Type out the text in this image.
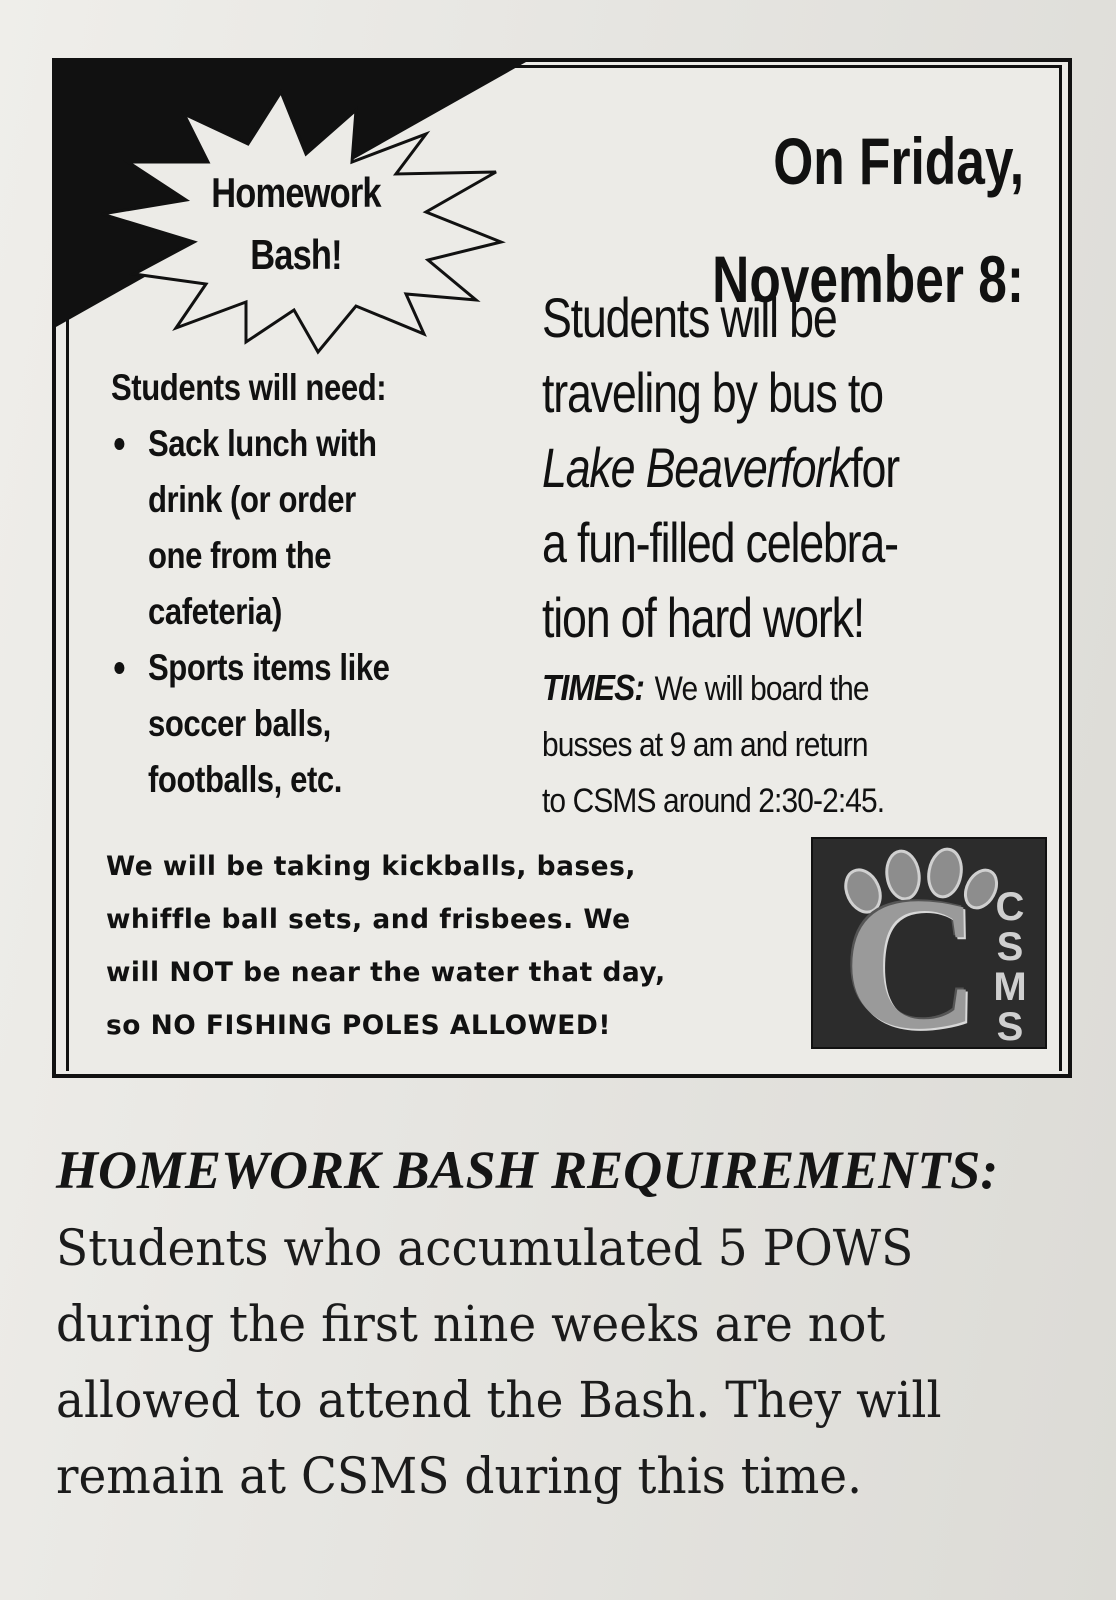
Homework
Bash!
On Friday,
November 8:
Students will be
traveling by bus to
Lake Beaverforkfor
a fun-filled celebra-
tion of hard work!
TIMES: We will board the
busses at 9 am and return
to CSMS around 2:30-2:45.
Students will need:
Sack lunch with
drink (or order
one from the
cafeteria)
Sports items like
soccer balls,
footballs, etc.
We will be taking kickballs, bases,
whiffle ball sets, and frisbees. We
will NOT be near the water that day,
so NO FISHING POLES ALLOWED!	C C
S
M
S
HOMEWORK BASH REQUIREMENTS:
Students who accumulated 5 POWS
during the first nine weeks are not
allowed to attend the Bash. They will
remain at CSMS during this time.
